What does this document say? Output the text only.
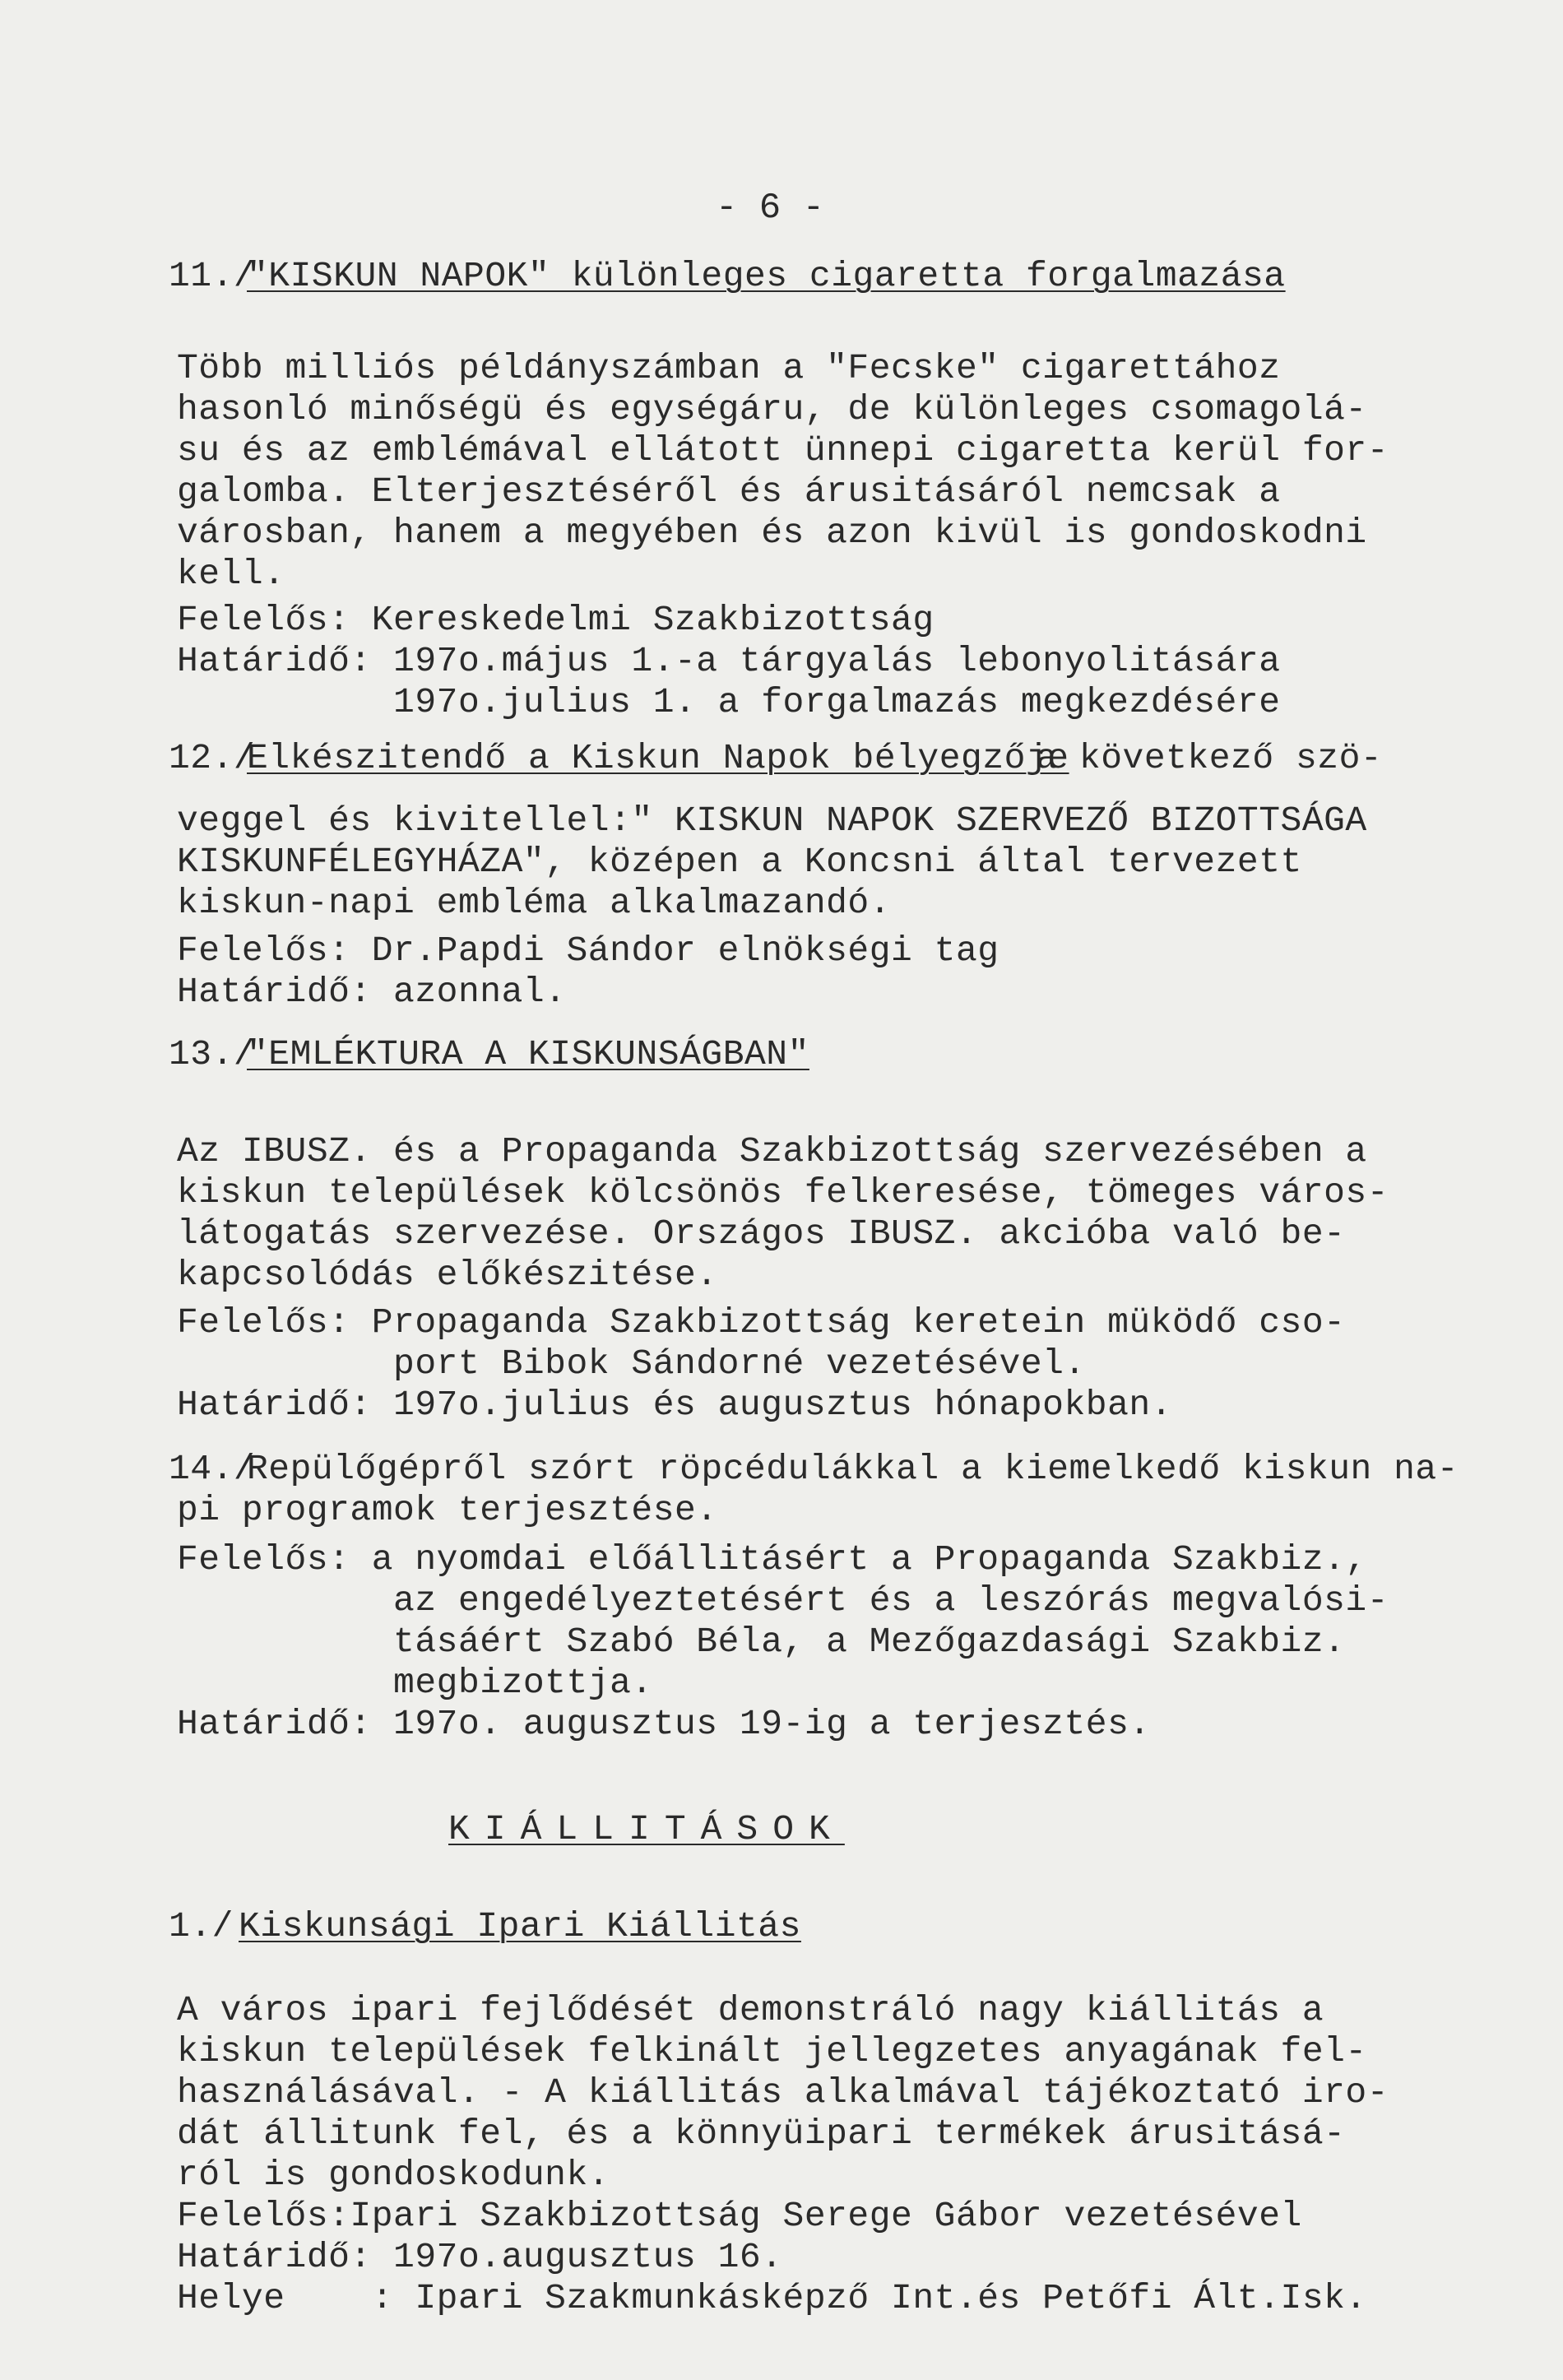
- 6 -
11./
"KISKUN NAPOK" különleges cigaretta forgalmazása
Több milliós példányszámban a "Fecske" cigarettához
hasonló minőségü és egységáru, de különleges csomagolá-
su és az emblémával ellátott ünnepi cigaretta kerül for-
galomba. Elterjesztéséről és árusitásáról nemcsak a
városban, hanem a megyében és azon kivül is gondoskodni
kell.
Felelős: Kereskedelmi Szakbizottság
Határidő: 197o.május 1.-a tárgyalás lebonyolitására
197o.julius 1. a forgalmazás megkezdésére
12./
Elkészitendő a Kiskun Napok bélyegzője
a következő szö-
veggel és kivitellel:" KISKUN NAPOK SZERVEZŐ BIZOTTSÁGA
KISKUNFÉLEGYHÁZA", középen a Koncsni által tervezett
kiskun-napi emblémа alkalmazandó.
Felelős: Dr.Papdi Sándor elnökségi tag
Határidő: azonnal.
13./
"EMLÉKTURA A KISKUNSÁGBAN"
Az IBUSZ. és a Propaganda Szakbizottság szervezésében a
kiskun települések kölcsönös felkeresése, tömeges város-
látogatás szervezése. Országos IBUSZ. akcióba való be-
kapcsolódás előkészitése.
Felelős: Propaganda Szakbizottság keretein müködő cso-
port Bibok Sándorné vezetésével.
Határidő: 197o.julius és augusztus hónapokban.
14./
Repülőgépről szórt röpcédulákkal a kiemelkedő kiskun na-
pi programok terjesztése.
Felelős: a nyomdai előállitásért a Propaganda Szakbiz.,
az engedélyeztetésért és a leszórás megvalósi-
tásáért Szabó Béla, a Mezőgazdasági Szakbiz.
megbizottja.
Határidő: 197o. augusztus 19-ig a terjesztés.
KIÁLLITÁSOK
1./ Kiskunsági Ipari Kiállitás
A város ipari fejlődését demonstráló nagy kiállitás a
kiskun települések felkinált jellegzetes anyagának fel-
használásával. - A kiállitás alkalmával tájékoztató iro-
dát állitunk fel, és a könnyüipari termékek árusitásá-
ról is gondoskodunk.
Felelős:Ipari Szakbizottság Serege Gábor vezetésével
Határidő: 197o.augusztus 16.
Helye    : Ipari Szakmunkásképző Int.és Petőfi Ált.Isk.
